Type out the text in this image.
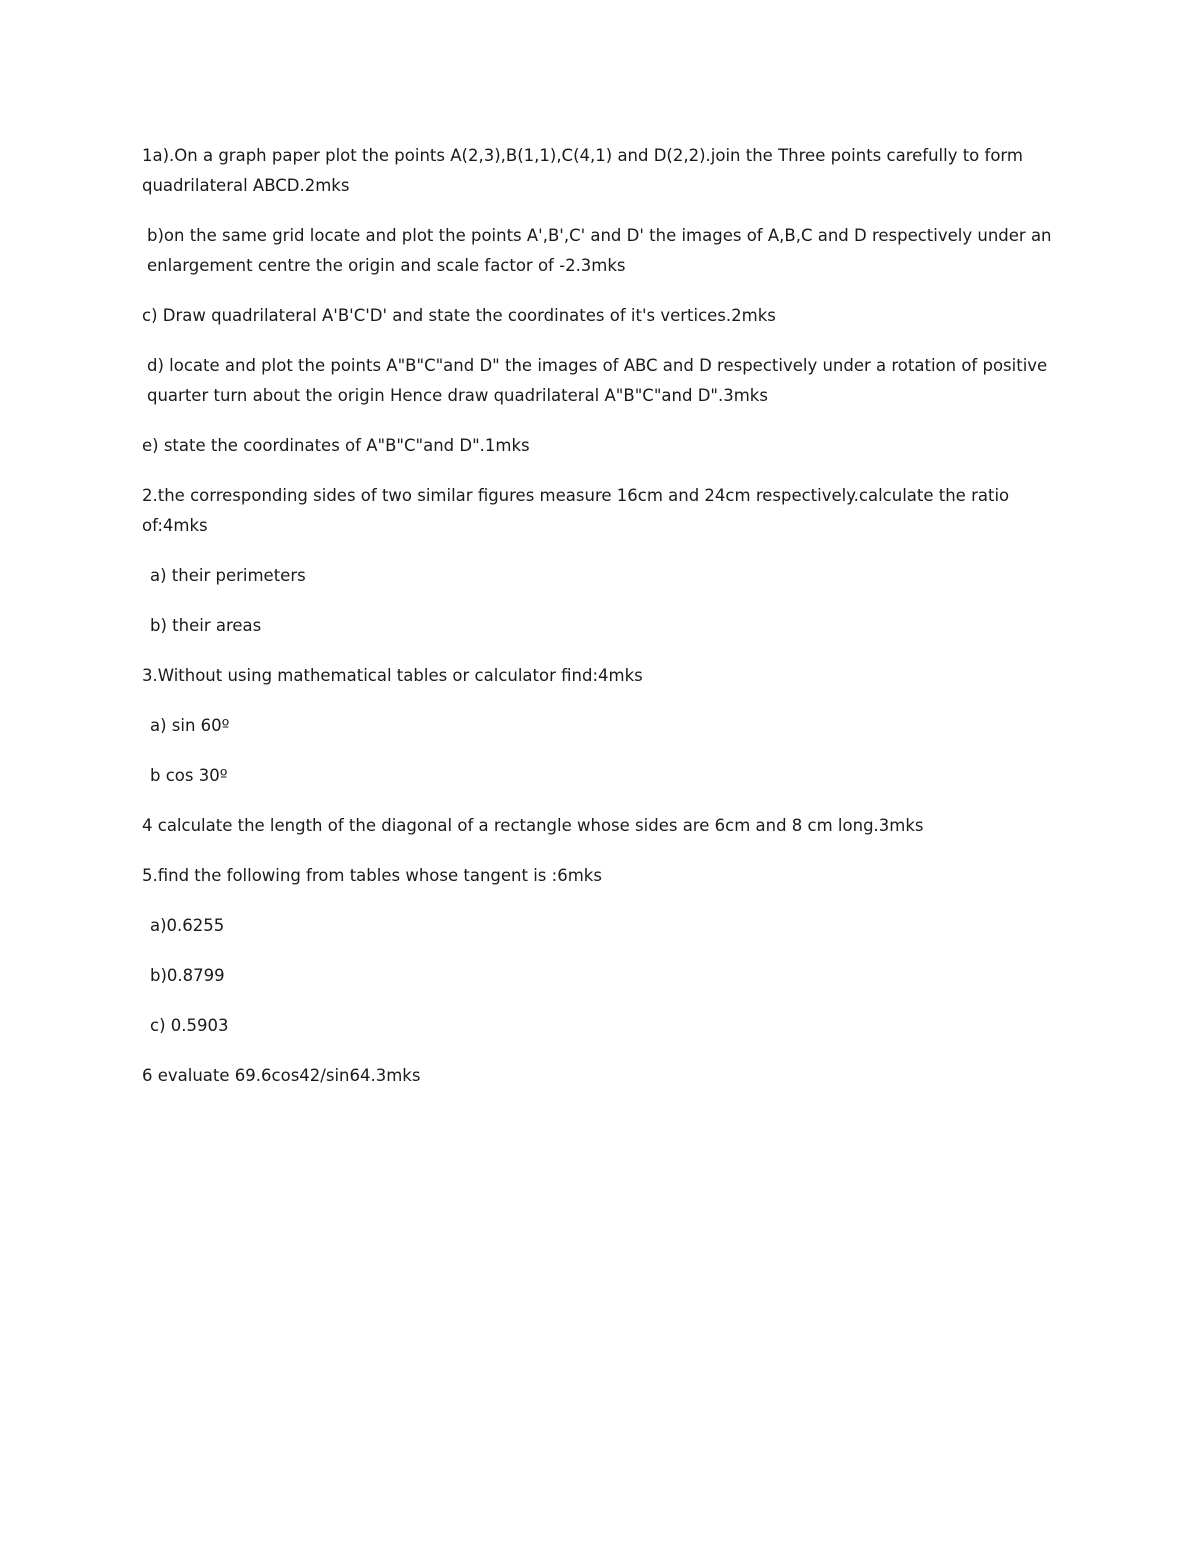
1a).On a graph paper plot the points A(2,3),B(1,1),C(4,1) and D(2,2).join the Three points carefully to form quadrilateral ABCD.2mks

b)on the same grid locate and plot the points A',B',C' and D' the images of A,B,C and D respectively under an enlargement centre the origin and scale factor of -2.3mks

c) Draw quadrilateral A'B'C'D' and state the coordinates of it's vertices.2mks

d) locate and plot the points A"B"C"and D" the images of ABC and D respectively under a rotation of positive quarter turn about the origin Hence draw quadrilateral A"B"C"and D".3mks

e) state the coordinates of A"B"C"and D".1mks

2.the corresponding sides of two similar figures measure 16cm and 24cm respectively.calculate the ratio of:4mks

a) their perimeters

b) their areas

3.Without using mathematical tables or calculator find:4mks

a) sin 60º

b cos 30º

4 calculate the length of the diagonal of a rectangle whose sides are 6cm and 8 cm long.3mks

5.find the following from tables whose tangent is :6mks

a)0.6255

b)0.8799

c) 0.5903

6 evaluate 69.6cos42/sin64.3mks
